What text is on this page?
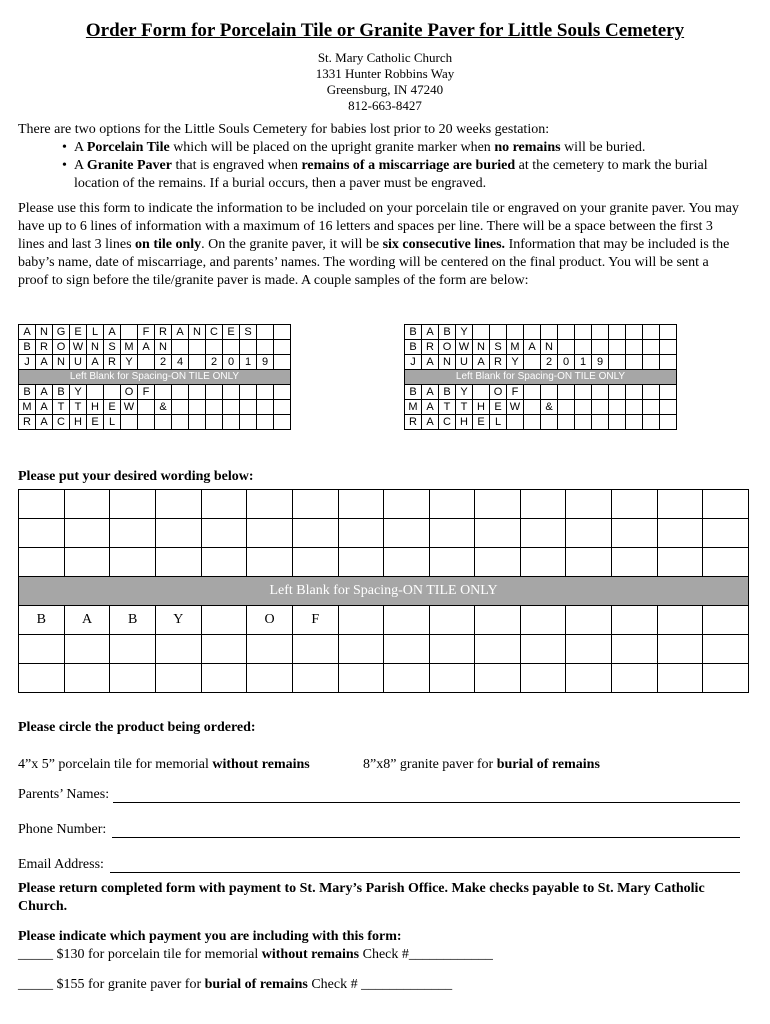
Order Form for Porcelain Tile or Granite Paver for Little Souls Cemetery
St. Mary Catholic Church
1331 Hunter Robbins Way
Greensburg, IN 47240
812-663-8427
There are two options for the Little Souls Cemetery for babies lost prior to 20 weeks gestation:
• A Porcelain Tile which will be placed on the upright granite marker when no remains will be buried.
• A Granite Paver that is engraved when remains of a miscarriage are buried at the cemetery to mark the burial location of the remains. If a burial occurs, then a paver must be engraved.
Please use this form to indicate the information to be included on your porcelain tile or engraved on your granite paver. You may have up to 6 lines of information with a maximum of 16 letters and spaces per line. There will be a space between the first 3 lines and last 3 lines on tile only. On the granite paver, it will be six consecutive lines. Information that may be included is the baby’s name, date of miscarriage, and parents’ names. The wording will be centered on the final product. You will be sent a proof to sign before the tile/granite paver is made. A couple samples of the form are below:
A	N	G	E	L	A		F	R	A	N	C	E	S		
B	R	O	W	N	S	M	A	N							
J	A	N	U	A	R	Y		2	4		2	0	1	9	
Left Blank for Spacing-ON TILE ONLY															
B	A	B	Y			O	F								
M	A	T	T	H	E	W		&							
R	A	C	H	E	L										
B	A	B	Y												
B	R	O	W	N	S	M	A	N							
J	A	N	U	A	R	Y		2	0	1	9				
Left Blank for Spacing-ON TILE ONLY															
B	A	B	Y		O	F									
M	A	T	T	H	E	W		&							
R	A	C	H	E	L										
Please put your desired wording below:

Left Blank for Spacing-ON TILE ONLY															
B	A	B	Y		O	F									

Please circle the product being ordered:
4”x 5” porcelain tile for memorial without remains	8”x8” granite paver for burial of remains
Parents’ Names:
Phone Number:
Email Address:
Please return completed form with payment to St. Mary’s Parish Office. Make checks payable to St. Mary Catholic Church.
Please indicate which payment you are including with this form:
_____ $130 for porcelain tile for memorial without remains Check #____________
_____ $155 for granite paver for burial of remains Check # _____________
